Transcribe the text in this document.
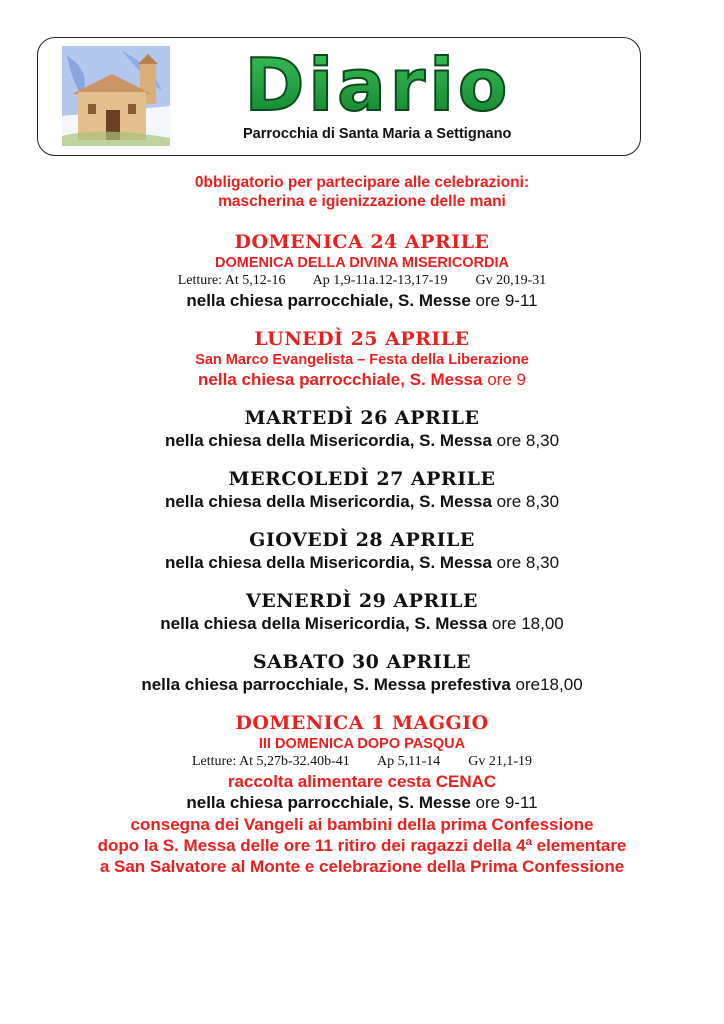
Diario
Parrocchia di Santa Maria a Settignano
0bbligatorio per partecipare alle celebrazioni:
mascherina e igienizzazione delle mani
DOMENICA 24 APRILE
DOMENICA DELLA DIVINA MISERICORDIA
Letture: At 5,12-16        Ap 1,9-11a.12-13,17-19        Gv 20,19-31
nella chiesa parrocchiale, S. Messe ore 9-11
LUNEDÌ 25 APRILE
San Marco Evangelista – Festa della Liberazione
nella chiesa parrocchiale, S. Messa ore 9
MARTEDÌ 26 APRILE
nella chiesa della Misericordia, S. Messa ore 8,30
MERCOLEDÌ 27 APRILE
nella chiesa della Misericordia, S. Messa ore 8,30
GIOVEDÌ 28 APRILE
nella chiesa della Misericordia, S. Messa ore 8,30
VENERDÌ 29 APRILE
nella chiesa della Misericordia, S. Messa ore 18,00
SABATO 30 APRILE
nella chiesa parrocchiale, S. Messa prefestiva ore18,00
DOMENICA 1 MAGGIO
III DOMENICA DOPO PASQUA
Letture: At 5,27b-32.40b-41        Ap 5,11-14        Gv 21,1-19
raccolta alimentare cesta CENAC
nella chiesa parrocchiale, S. Messe ore 9-11
consegna dei Vangeli ai bambini della prima Confessione
dopo la S. Messa delle ore 11 ritiro dei ragazzi della 4ª elementare
a San Salvatore al Monte e celebrazione della Prima Confessione
